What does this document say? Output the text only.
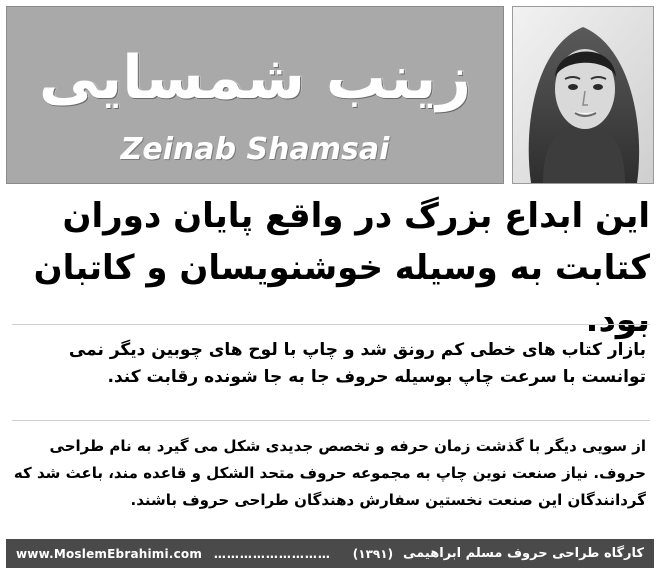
زینب شمسایی
Zeinab Shamsai
این ابداع بزرگ در واقع پایان دوران کتابت به وسیله خوشنویسان و کاتبان بود.
بازار کتاب های خطی کم رونق شد و چاپ با لوح های چوبین دیگر نمی توانست با سرعت چاپ بوسیله حروف جا به جا شونده رقابت کند.
از سویی دیگر با گذشت زمان حرفه و تخصص جدیدی شکل می گیرد به نام طراحی حروف. نیاز صنعت نوین چاپ به مجموعه حروف متحد الشکل و قاعده مند، باعث شد که گردانندگان این صنعت نخستین سفارش دهندگان طراحی حروف باشند.
www.MoslemEbrahimi.com ………………………	(۱۳۹۱) کارگاه طراحی حروف مسلم ابراهیمی
